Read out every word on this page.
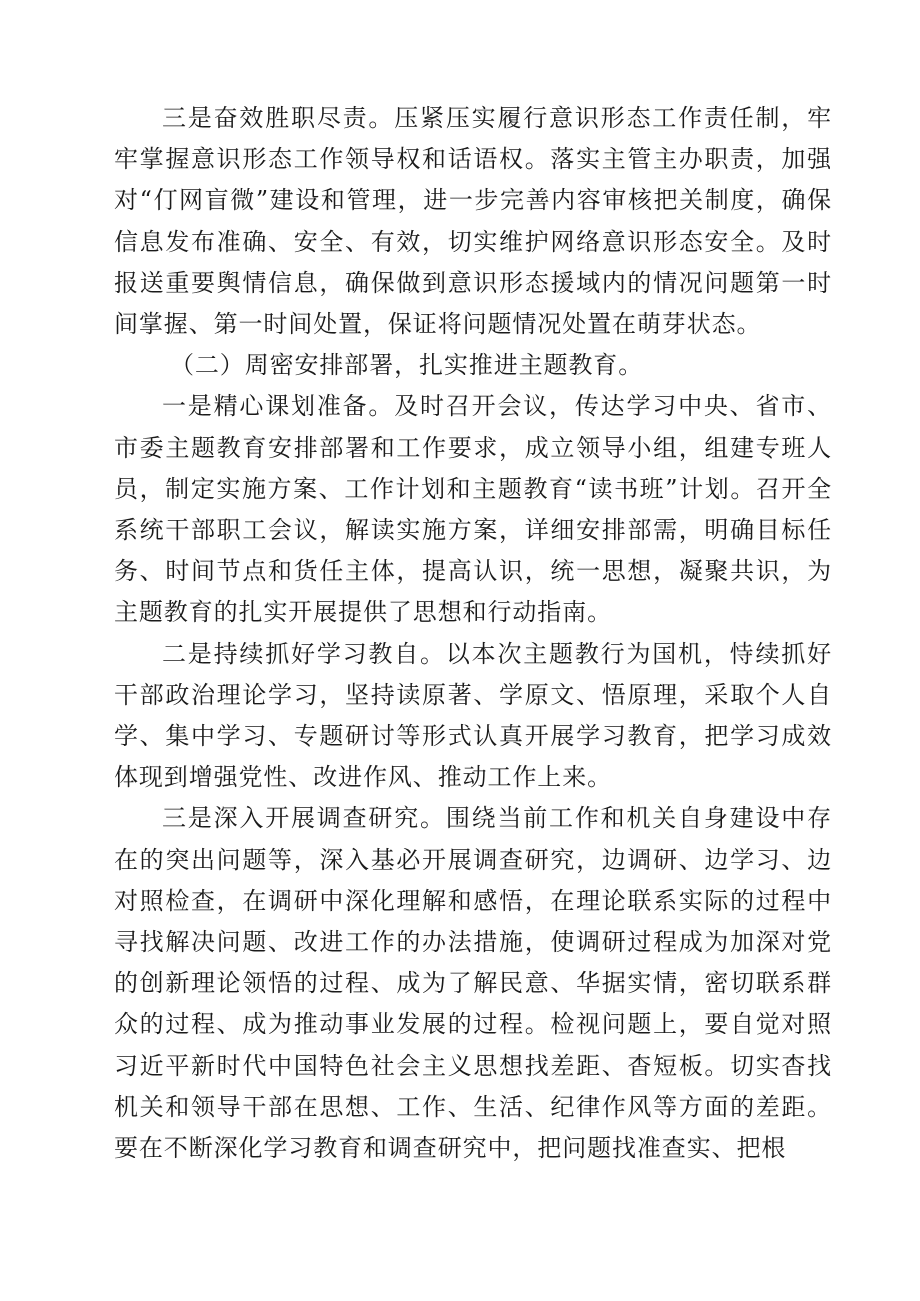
三是奋效胜职尽责。压紧压实履行意识形态工作责任制，牢牢掌握意识形态工作领导权和话语权。落实主管主办职责，加强对“仃网盲微”建设和管理，进一步完善内容审核把关制度，确保信息发布准确、安全、有效，切实维护网络意识形态安全。及时报送重要舆情信息，确保做到意识形态援域内的情况问题第一时间掌握、第一时间处置，保证将问题情况处置在萌芽状态。

（二）周密安排部署，扎实推进主题教育。

一是精心课划准备。及时召开会议，传达学习中央、省市、市委主题教育安排部署和工作要求，成立领导小组，组建专班人员，制定实施方案、工作计划和主题教育“读书班”计划。召开全系统干部职工会议，解读实施方案，详细安排部需，明确目标任务、时间节点和货任主体，提高认识，统一思想，凝聚共识，为主题教育的扎实开展提供了思想和行动指南。

二是持续抓好学习教自。以本次主题教行为国机，恃续抓好干部政治理论学习，坚持读原著、学原文、悟原理，采取个人自学、集中学习、专题研讨等形式认真开展学习教育，把学习成效体现到增强党性、改进作风、推动工作上来。

三是深入开展调查研究。围绕当前工作和机关自身建设中存在的突出问题等，深入基必开展调查研究，边调研、边学习、边对照检查，在调研中深化理解和感悟，在理论联系实际的过程中寻找解决问题、改进工作的办法措施，使调研过程成为加深对党的创新理论领悟的过程、成为了解民意、华据实情，密切联系群众的过程、成为推动事业发展的过程。检视问题上，要自觉对照习近平新时代中国特色社会主义思想找差距、杳短板。切实杳找机关和领导干部在思想、工作、生活、纪律作风等方面的差距。要在不断深化学习教育和调查研究中，把问题找准查实、把根
